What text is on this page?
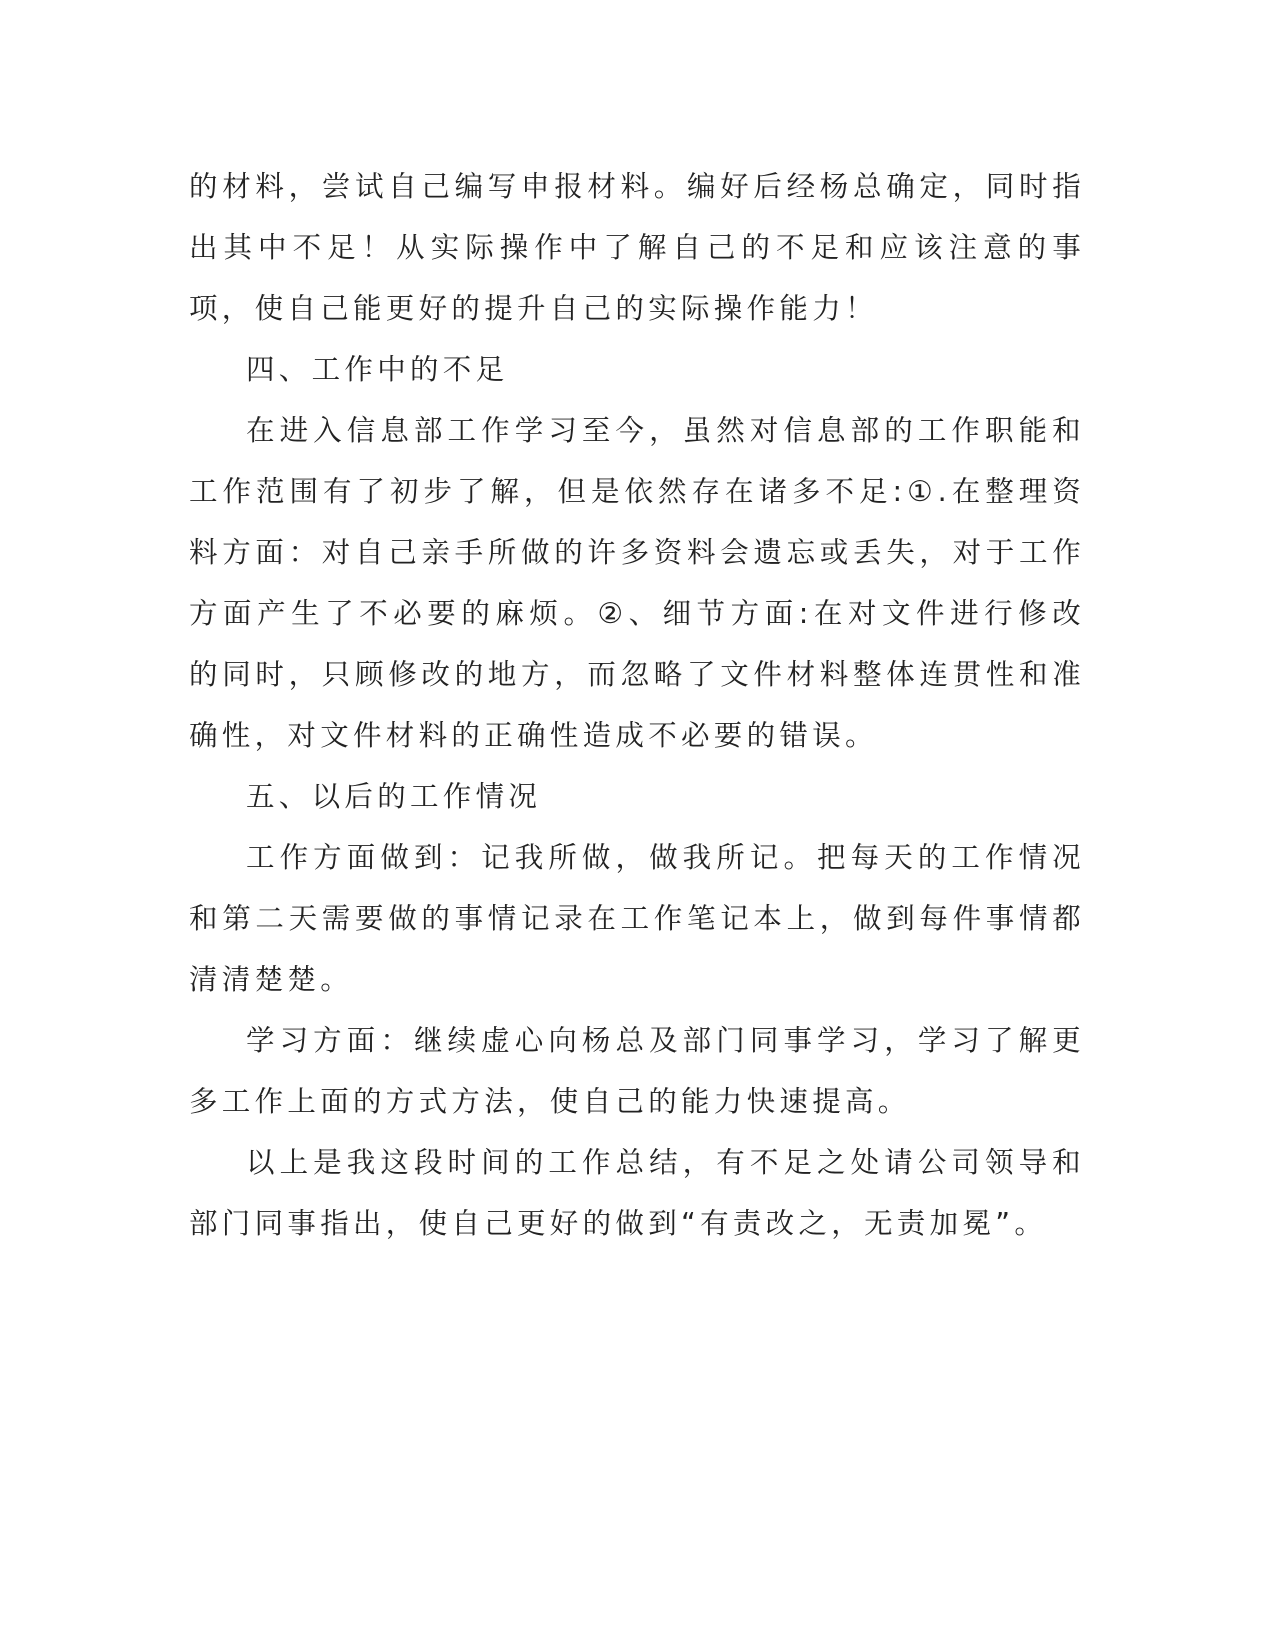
的材料，尝试自己编写申报材料。编好后经杨总确定，同时指出其中不足！从实际操作中了解自己的不足和应该注意的事项，使自己能更好的提升自己的实际操作能力！

四、工作中的不足

在进入信息部工作学习至今，虽然对信息部的工作职能和工作范围有了初步了解，但是依然存在诸多不足:①.在整理资料方面：对自己亲手所做的许多资料会遗忘或丢失，对于工作方面产生了不必要的麻烦。②、细节方面:在对文件进行修改的同时，只顾修改的地方，而忽略了文件材料整体连贯性和准确性，对文件材料的正确性造成不必要的错误。

五、以后的工作情况

工作方面做到：记我所做，做我所记。把每天的工作情况和第二天需要做的事情记录在工作笔记本上，做到每件事情都清清楚楚。

学习方面：继续虚心向杨总及部门同事学习，学习了解更多工作上面的方式方法，使自己的能力快速提高。

以上是我这段时间的工作总结，有不足之处请公司领导和部门同事指出，使自己更好的做到“有责改之，无责加冕”。
